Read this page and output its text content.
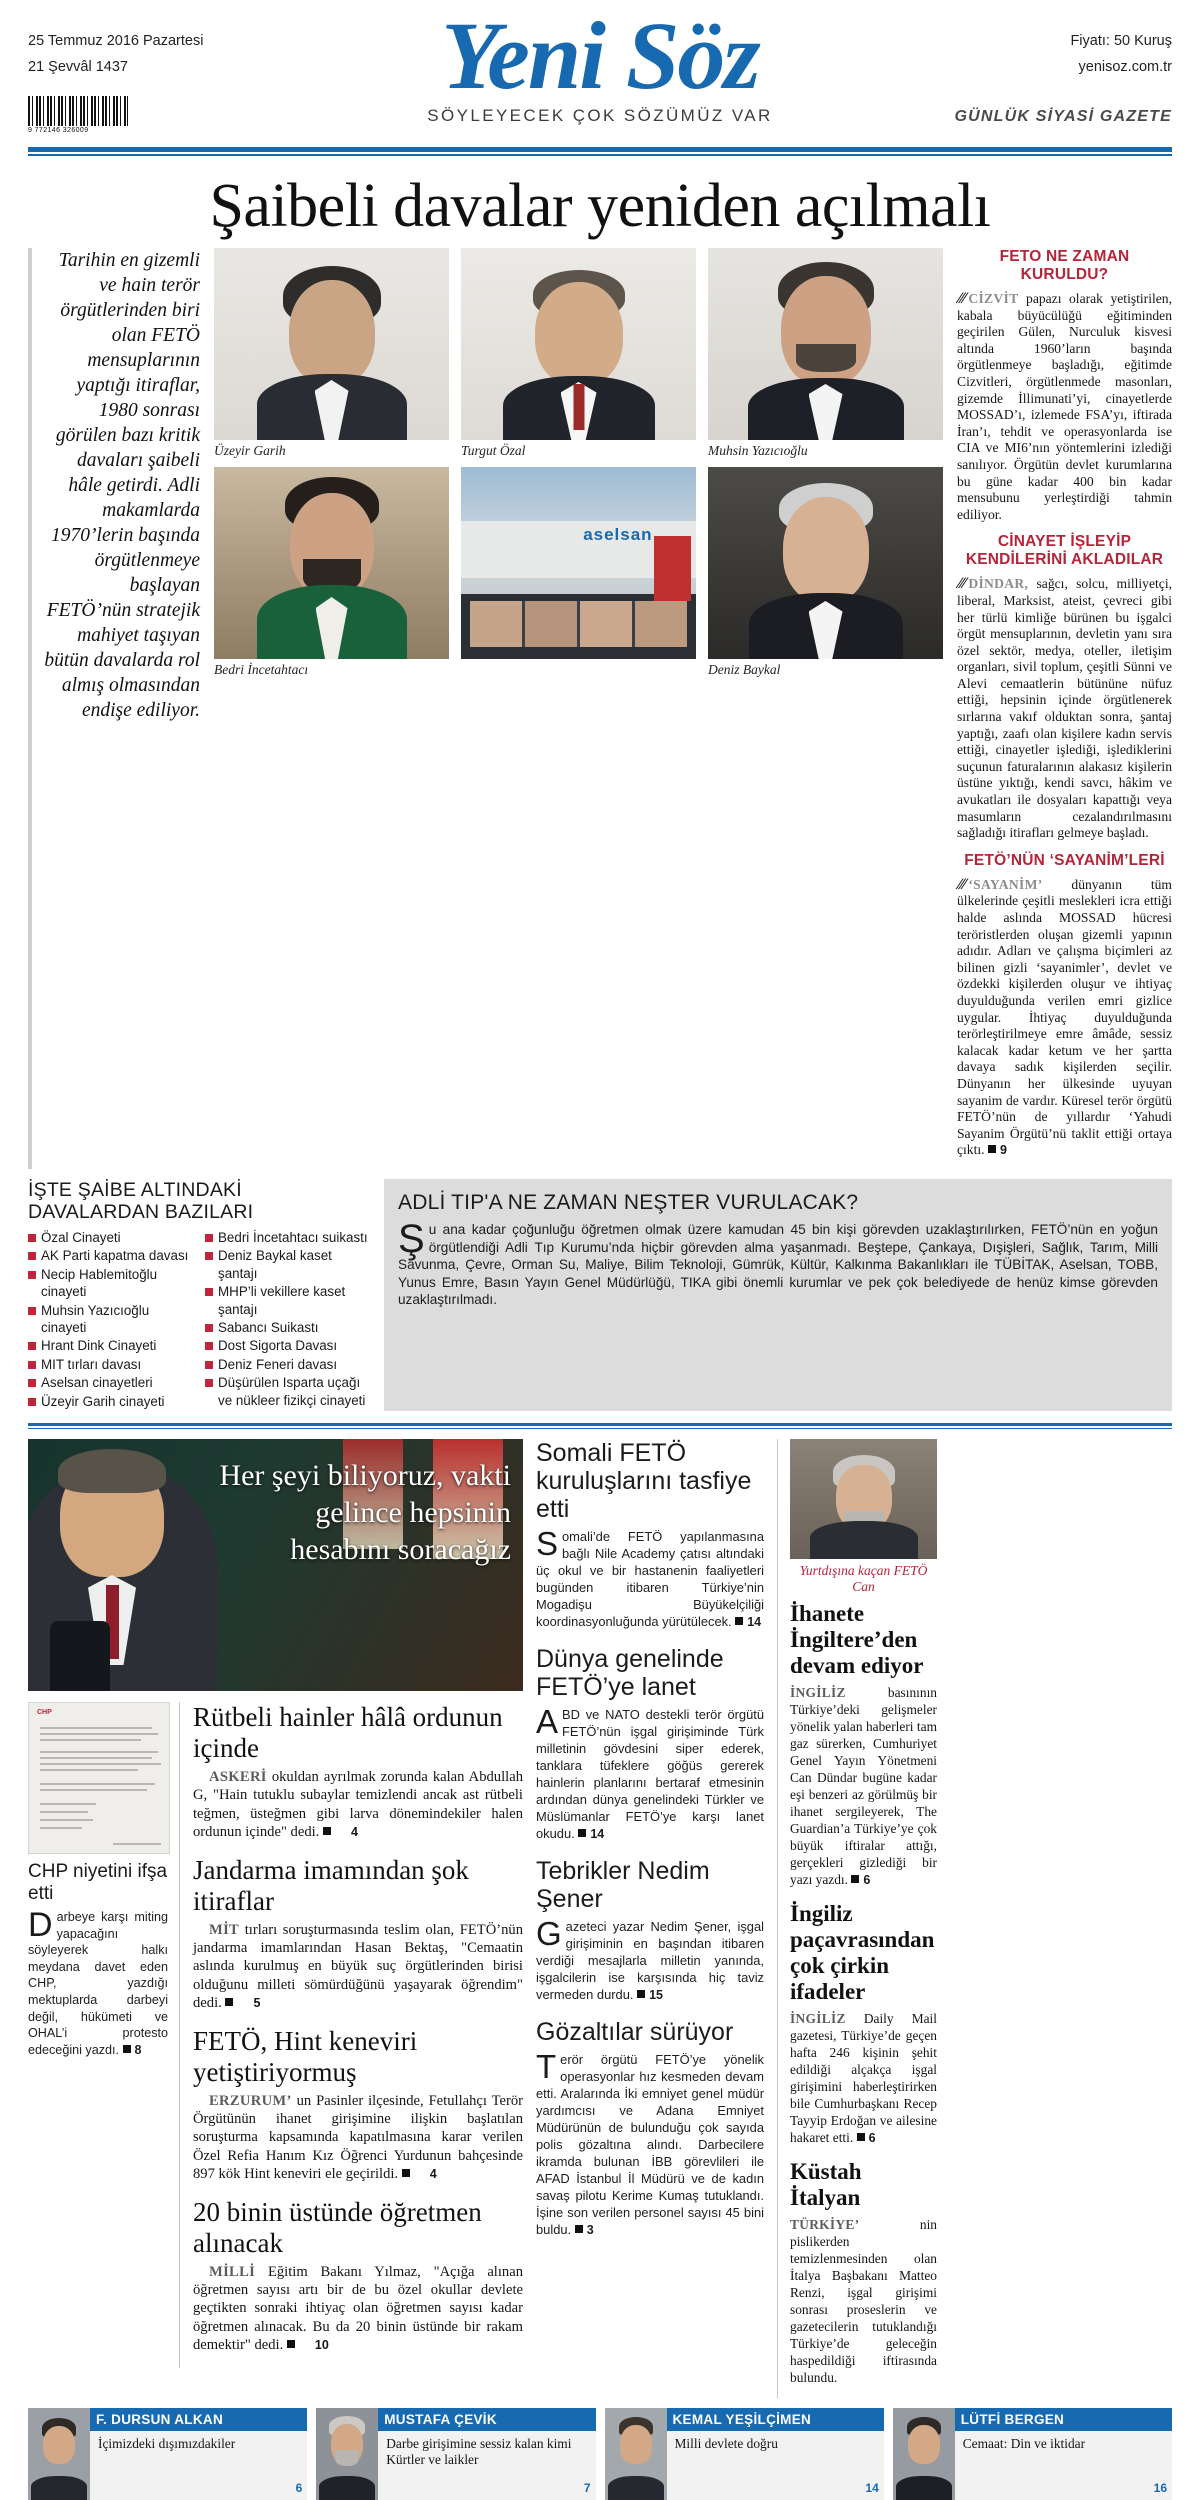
25 Temmuz 2016 Pazartesi
21 Şevvâl 1437	Yeni Söz
SÖYLEYECEK ÇOK SÖZÜMÜZ VAR
Fiyatı: 50 Kuruş
yenisoz.com.tr
GÜNLÜK SİYASİ GAZETE
9 772146 326009
Şaibeli davalar yeniden açılmalı
Tarihin en gizemli ve hain terör örgütlerinden biri olan FETÖ mensuplarının yaptığı itiraflar, 1980 sonrası görülen bazı kritik davaları şaibeli hâle getirdi. Adli makamlarda 1970’lerin başında örgütlenmeye başlayan FETÖ’nün stratejik mahiyet taşıyan bütün davalarda rol almış olmasından endişe ediliyor.
Üzeyir Garih	Turgut Özal	Muhsin Yazıcıoğlu
Bedri İncetahtacı
aselsan
Deniz Baykal
FETO NE ZAMAN KURULDU?

///CİZVİT papazı olarak yetiştirilen, kabala büyücülüğü eğitiminden geçirilen Gülen, Nurculuk kisvesi altında 1960’ların başında örgütlenmeye başladığı, eğitimde Cizvitleri, örgütlenmede masonları, gizemde İllimunati’yi, cinayetlerde MOSSAD’ı, izlemede FSA’yı, iftirada İran’ı, tehdit ve operasyonlarda ise CIA ve MI6’nın yöntemlerini izlediği sanılıyor. Örgütün devlet kurumlarına bu güne kadar 400 bin kadar mensubunu yerleştirdiği tahmin ediliyor.

CİNAYET İŞLEYİP KENDİLERİNİ AKLADILAR

///DİNDAR, sağcı, solcu, milliyetçi, liberal, Marksist, ateist, çevreci gibi her türlü kimliğe bürünen bu işgalci örgüt mensuplarının, devletin yanı sıra özel sektör, medya, oteller, iletişim organları, sivil toplum, çeşitli Sünni ve Alevi cemaatlerin bütününe nüfuz ettiği, hepsinin içinde örgütlenerek sırlarına vakıf olduktan sonra, şantaj yaptığı, zaafı olan kişilere kadın servis ettiği, cinayetler işlediği, işlediklerini suçunun faturalarının alakasız kişilerin üstüne yıktığı, kendi savcı, hâkim ve avukatları ile dosyaları kapattığı veya masumların cezalandırılmasını sağladığı itirafları gelmeye başladı.

FETÖ’NÜN ‘SAYANİM’LERİ

///‘SAYANİM’ dünyanın tüm ülkelerinde çeşitli meslekleri icra ettiği halde aslında MOSSAD hücresi teröristlerden oluşan gizemli yapının adıdır. Adları ve çalışma biçimleri az bilinen gizli ‘sayanimler’, devlet ve özdekki kişilerden oluşur ve ihtiyaç duyulduğunda verilen emri gizlice uygular. İhtiyaç duyulduğunda terörleştirilmeye emre âmâde, sessiz kalacak kadar ketum ve her şartta davaya sadık kişilerden seçilir. Dünyanın her ülkesinde uyuyan sayanim de vardır. Küresel terör örgütü FETÖ’nün de yıllardır ‘Yahudi Sayanim Örgütü’nü taklit ettiği ortaya çıktı. 9

İŞTE ŞAİBE ALTINDAKİ DAVALARDAN BAZILARI
Özal Cinayeti
AK Parti kapatma davası
Necip Hablemitoğlu cinayeti
Muhsin Yazıcıoğlu cinayeti
Hrant Dink Cinayeti
MIT tırları davası
Aselsan cinayetleri
Üzeyir Garih cinayeti
Bedri İncetahtacı suikastı
Deniz Baykal kaset şantajı
MHP’li vekillere kaset şantajı
Sabancı Suikastı
Dost Sigorta Davası
Deniz Feneri davası
Düşürülen Isparta uçağı ve nükleer fizikçi cinayeti
ADLİ TIP'A NE ZAMAN NEŞTER VURULACAK?

Şu ana kadar çoğunluğu öğretmen olmak üzere kamudan 45 bin kişi görevden uzaklaştırılırken, FETÖ’nün en yoğun örgütlendiği Adli Tıp Kurumu’nda hiçbir görevden alma yaşanmadı. Beştepe, Çankaya, Dışişleri, Sağlık, Tarım, Milli Savunma, Çevre, Orman Su, Maliye, Bilim Teknoloji, Gümrük, Kültür, Kalkınma Bakanlıkları ile TÜBİTAK, Aselsan, TOBB, Yunus Emre, Basın Yayın Genel Müdürlüğü, TIKA gibi önemli kurumlar ve pek çok belediyede de henüz kimse görevden uzaklaştırılmadı.

Her şeyi biliyoruz, vakti gelince hepsinin hesabını soracağız
CHP
CHP niyetini ifşa etti
Darbeye karşı miting yapacağını söyleyerek halkı meydana davet eden CHP, yazdığı mektuplarda darbeyi değil, hükümeti ve OHAL’i protesto edeceğini yazdı. 8
Rütbeli hainler hâlâ ordunun içinde

ASKERİ okuldan ayrılmak zorunda kalan Abdullah G, "Hain tutuklu subaylar temizlendi ancak ast rütbeli teğmen, üsteğmen gibi larva dönemindekiler halen ordunun içinde" dedi.	4

Jandarma imamından şok itiraflar

MİT tırları soruşturmasında teslim olan, FETÖ’nün jandarma imamlarından Hasan Bektaş, "Cemaatin aslında kurulmuş en büyük suç örgütlerinden birisi olduğunu milleti sömürdüğünü yaşayarak öğrendim" dedi.	5

FETÖ, Hint keneviri yetiştiriyormuş

ERZURUM’ un Pasinler ilçesinde, Fetullahçı Terör Örgütünün ihanet girişimine ilişkin başlatılan soruşturma kapsamında kapatılmasına karar verilen Özel Refia Hanım Kız Öğrenci Yurdunun bahçesinde 897 kök Hint keneviri ele geçirildi.	4

20 binin üstünde öğretmen alınacak

MİLLİ Eğitim Bakanı Yılmaz, "Açığa alınan öğretmen sayısı artı bir de bu özel okullar devlete geçtikten sonraki ihtiyaç olan öğretmen sayısı kadar öğretmen alınacak. Bu da 20 binin üstünde bir rakam demektir" dedi.	10

Somali FETÖ kuruluşlarını tasfiye etti

Somali’de FETÖ yapılanmasına bağlı Nile Academy çatısı altındaki üç okul ve bir hastanenin faaliyetleri bugünden itibaren Türkiye’nin Mogadişu Büyükelçiliği koordinasyonluğunda yürütülecek. 14

Dünya genelinde FETÖ’ye lanet

ABD ve NATO destekli terör örgütü FETÖ’nün işgal girişiminde Türk milletinin gövdesini siper ederek, tanklara tüfeklere göğüs gererek hainlerin planlarını bertaraf etmesinin ardından dünya genelindeki Türkler ve Müslümanlar FETÖ’ye karşı lanet okudu. 14

Tebrikler Nedim Şener

Gazeteci yazar Nedim Şener, işgal girişiminin en başından itibaren verdiği mesajlarla milletin yanında, işgalcilerin ise karşısında hiç taviz vermeden durdu. 15

Gözaltılar sürüyor

Terör örgütü FETÖ’ye yönelik operasyonlar hız kesmeden devam etti. Aralarında İki emniyet genel müdür yardımcısı ve Adana Emniyet Müdürünün de bulunduğu çok sayıda polis gözaltına alındı. Darbecilere ikramda bulunan İBB görevlileri ile AFAD İstanbul İl Müdürü ve de kadın savaş pilotu Kerime Kumaş tutuklandı. İşine son verilen personel sayısı 45 bini buldu. 3

Yurtdışına kaçan FETÖ Can
İhanete İngiltere’den devam ediyor

İNGİLİZ	basınının Türkiye’deki gelişmeler yönelik yalan haberleri tam gaz sürerken, Cumhuriyet Genel Yayın Yönetmeni Can Dündar bugüne kadar eşi benzeri az görülmüş bir ihanet sergileyerek, The Guardian’a Türkiye’ye çok büyük iftiralar attığı, gerçekleri gizlediği bir yazı yazdı. 6

İngiliz paçavrasından çok çirkin ifadeler

İNGİLİZ Daily Mail gazetesi, Türkiye’de geçen hafta 246 kişinin şehit edildiği alçakça işgal girişimini haberleştirirken bile Cumhurbaşkanı Recep Tayyip Erdoğan ve ailesine hakaret etti. 6

Küstah İtalyan

TÜRKİYE’	nin pislikerden temizlenmesinden olan İtalya Başbakanı Matteo Renzi, işgal girişimi sonrası proseslerin ve gazetecilerin tutuklandığı Türkiye’de geleceğin haspedildiği iftirasında bulundu.

F. DURSUN ALKAN
İçimizdeki dışımızdakiler
6
MUSTAFA ÇEVİK
Darbe girişimine sessiz kalan kimi Kürtler ve laikler
7
KEMAL YEŞİLÇİMEN
Milli devlete doğru
14
LÜTFİ BERGEN
Cemaat: Din ve iktidar
16
